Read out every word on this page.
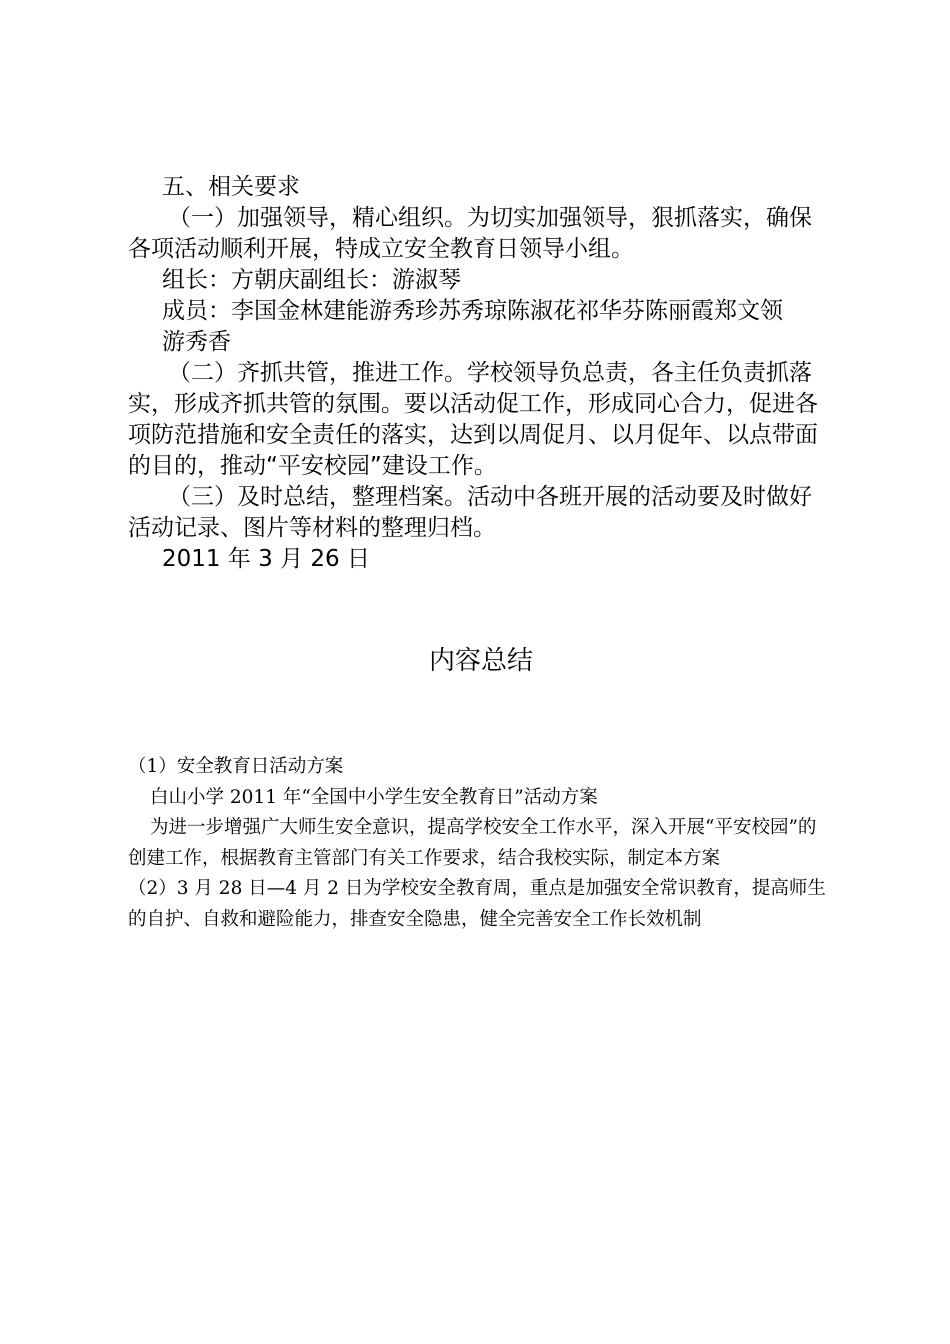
五、相关要求

（一）加强领导，精心组织。为切实加强领导，狠抓落实，确保各项活动顺利开展，特成立安全教育日领导小组。

组长：方朝庆副组长：游淑琴

成员：李国金林建能游秀珍苏秀琼陈淑花祁华芬陈丽霞郑文领

游秀香

（二）齐抓共管，推进工作。学校领导负总责，各主任负责抓落实，形成齐抓共管的氛围。要以活动促工作，形成同心合力，促进各项防范措施和安全责任的落实，达到以周促月、以月促年、以点带面的目的，推动“平安校园”建设工作。

（三）及时总结，整理档案。活动中各班开展的活动要及时做好活动记录、图片等材料的整理归档。

2011 年 3 月 26 日

内容总结

（1）安全教育日活动方案

白山小学 2011 年“全国中小学生安全教育日”活动方案

为进一步增强广大师生安全意识，提高学校安全工作水平，深入开展“平安校园”的创建工作，根据教育主管部门有关工作要求，结合我校实际，制定本方案

（2）3 月 28 日—4 月 2 日为学校安全教育周，重点是加强安全常识教育，提高师生的自护、自救和避险能力，排查安全隐患，健全完善安全工作长效机制
